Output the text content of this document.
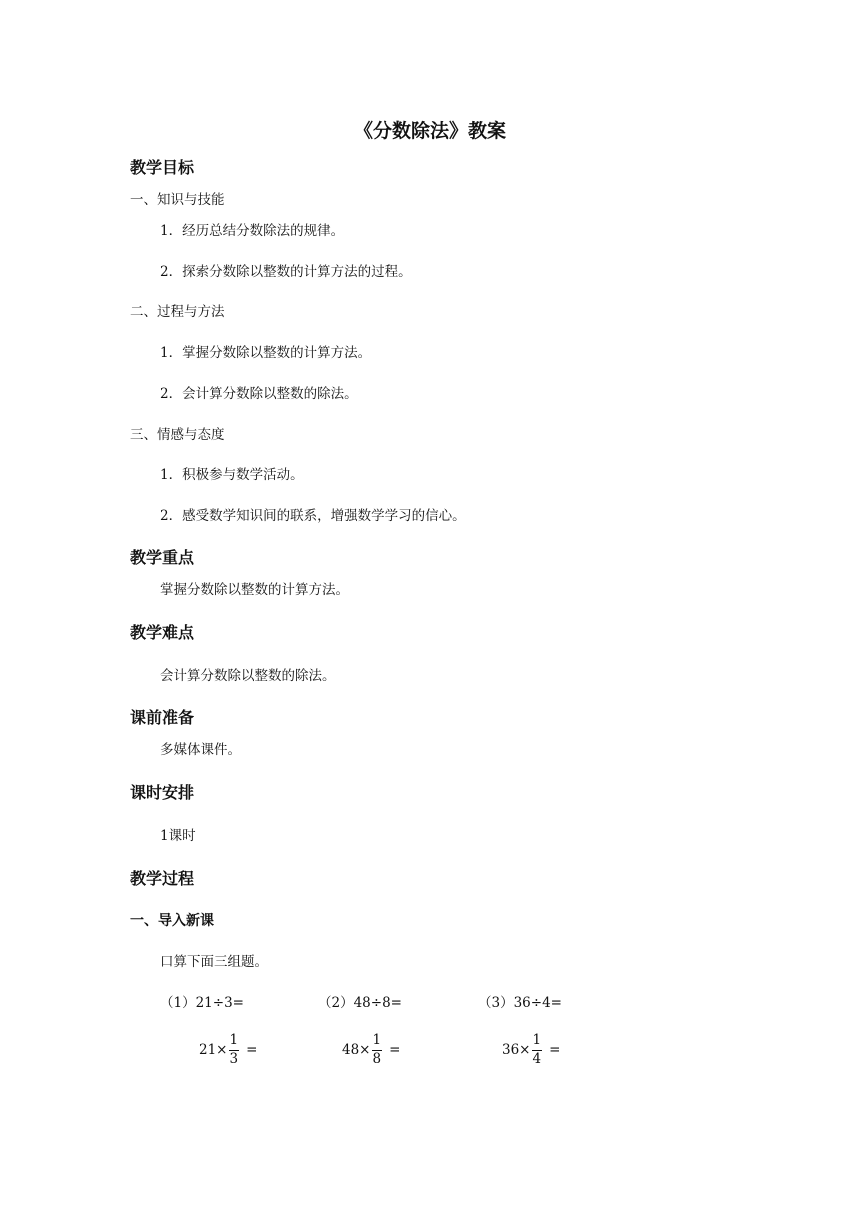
《分数除法》教案
教学目标
一、知识与技能
1．经历总结分数除法的规律。
2．探索分数除以整数的计算方法的过程。
二、过程与方法
1．掌握分数除以整数的计算方法。
2．会计算分数除以整数的除法。
三、情感与态度
1．积极参与数学活动。
2．感受数学知识间的联系，增强数学学习的信心。
教学重点
掌握分数除以整数的计算方法。
教学难点
会计算分数除以整数的除法。
课前准备
多媒体课件。
课时安排
1课时
教学过程
一、导入新课
口算下面三组题。
（1）21÷3=	（2）48÷8=	（3）36÷4=
$21\times \frac{1}{3}$ =	$48\times \frac{1}{8}$ =	$36\times \frac{1}{4}$ =
